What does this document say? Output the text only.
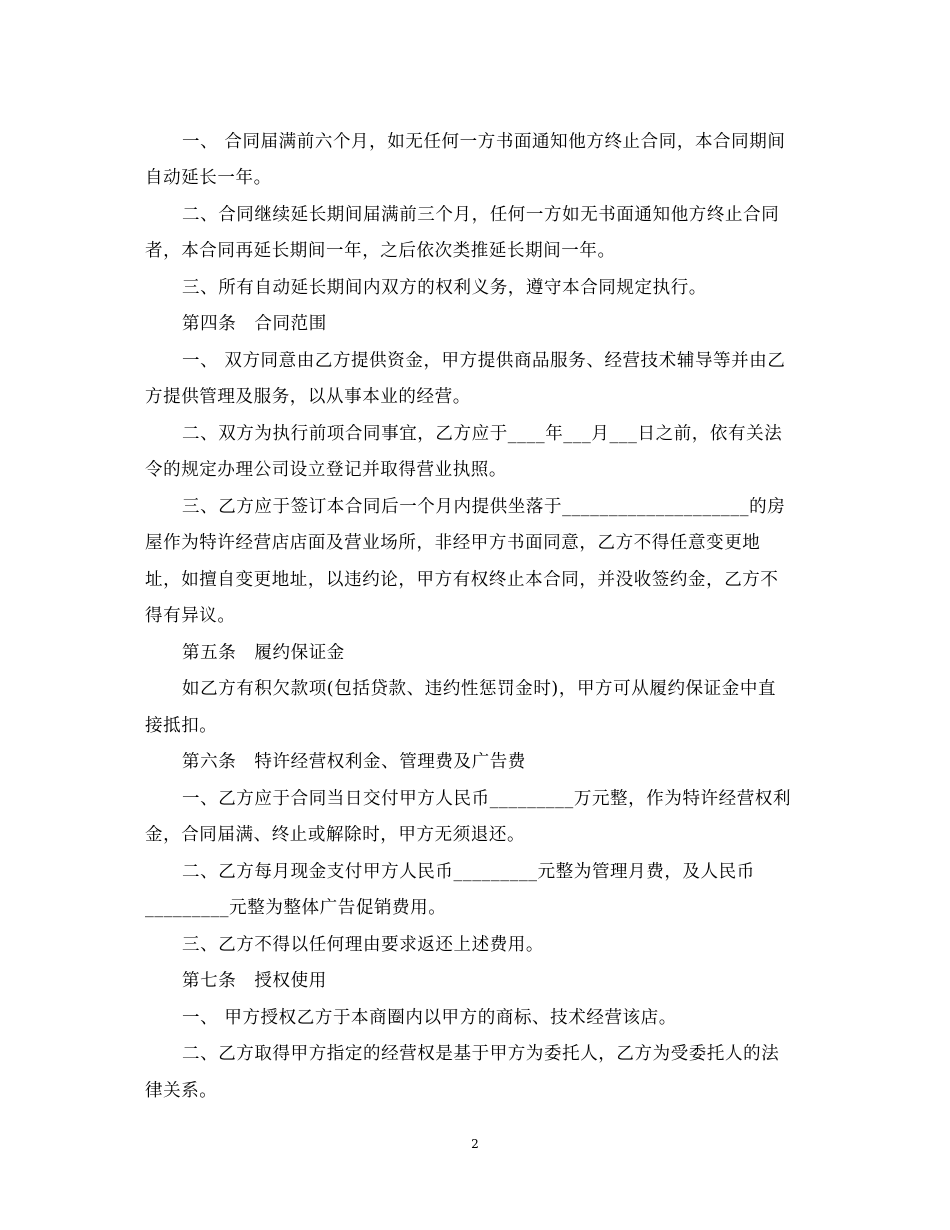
一、 合同届满前六个月，如无任何一方书面通知他方终止合同，本合同期间
自动延长一年。
二、合同继续延长期间届满前三个月，任何一方如无书面通知他方终止合同
者，本合同再延长期间一年，之后依次类推延长期间一年。
三、所有自动延长期间内双方的权利义务，遵守本合同规定执行。
第四条　合同范围
一、 双方同意由乙方提供资金，甲方提供商品服务、经营技术辅导等并由乙
方提供管理及服务，以从事本业的经营。
二、双方为执行前项合同事宜，乙方应于____年___月___日之前，依有关法
令的规定办理公司设立登记并取得营业执照。
三、乙方应于签订本合同后一个月内提供坐落于____________________的房
屋作为特许经营店店面及营业场所，非经甲方书面同意，乙方不得任意变更地
址，如擅自变更地址，以违约论，甲方有权终止本合同，并没收签约金，乙方不
得有异议。
第五条　履约保证金
如乙方有积欠款项(包括贷款、违约性惩罚金时)，甲方可从履约保证金中直
接抵扣。
第六条　特许经营权利金、管理费及广告费
一、乙方应于合同当日交付甲方人民币_________万元整，作为特许经营权利
金，合同届满、终止或解除时，甲方无须退还。
二、乙方每月现金支付甲方人民币_________元整为管理月费，及人民币
_________元整为整体广告促销费用。
三、乙方不得以任何理由要求返还上述费用。
第七条　授权使用
一、 甲方授权乙方于本商圈内以甲方的商标、技术经营该店。
二、乙方取得甲方指定的经营权是基于甲方为委托人，乙方为受委托人的法
律关系。
2
